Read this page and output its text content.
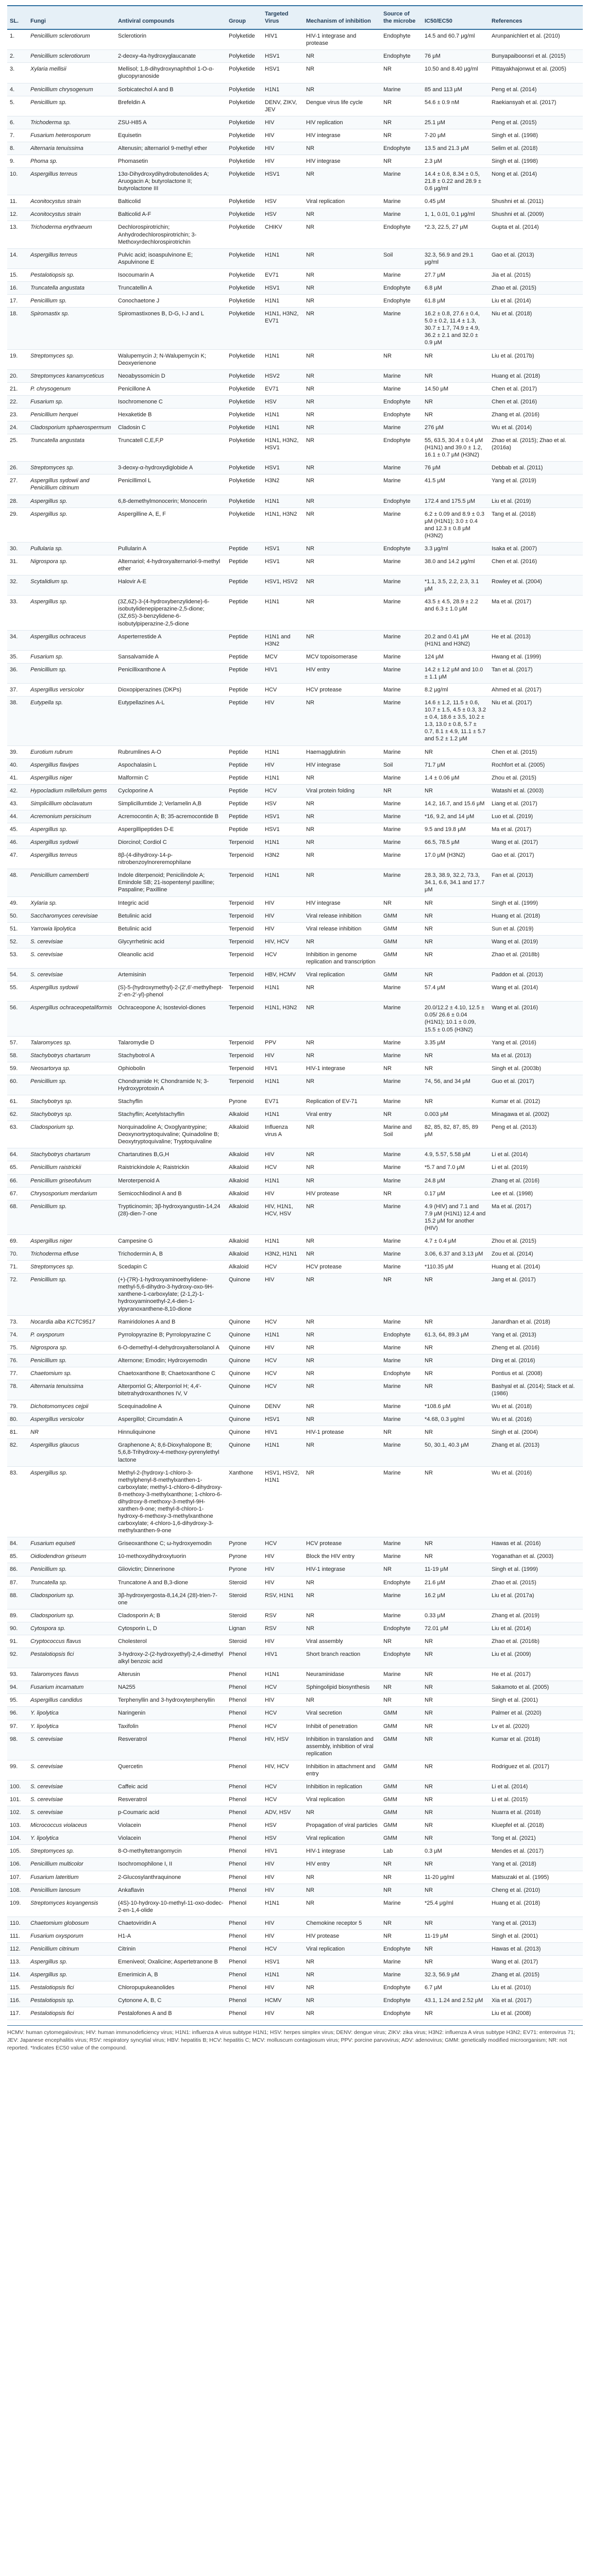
SL.	Fungi	Antiviral compounds	Group	Targeted Virus	Mechanism of inhibition	Source of the microbe	IC50/EC50	References
1.	Penicillium sclerotiorum	Sclerotiorin	Polyketide	HIV1	HIV-1 integrase and protease	Endophyte	14.5 and 60.7 μg/ml	Arunpanichlert et al. (2010)
2.	Penicillium sclerotiorum	2-deoxy-4a-hydroxyglaucanate	Polyketide	HSV1	NR	Endophyte	76 μM	Bunyapaiboonsri et al. (2015)
3.	Xylaria mellisii	Mellisol; 1,8-dihydroxynaphthol 1-O-α-glucopyranoside	Polyketide	HSV1	NR	NR	10.50 and 8.40 μg/ml	Pittayakhajonwut et al. (2005)
4.	Penicillium chrysogenum	Sorbicatechol A and B	Polyketide	H1N1	NR	Marine	85 and 113 μM	Peng et al. (2014)
5.	Penicillium sp.	Brefeldin A	Polyketide	DENV, ZIKV, JEV	Dengue virus life cycle	NR	54.6 ± 0.9 nM	Raekiansyah et al. (2017)
6.	Trichoderma sp.	ZSU-H85 A	Polyketide	HIV	HIV replication	NR	25.1 μM	Peng et al. (2015)
7.	Fusarium heterosporum	Equisetin	Polyketide	HIV	HIV integrase	NR	7-20 μM	Singh et al. (1998)
8.	Alternaria tenuissima	Altenusin; alternariol 9-methyl ether	Polyketide	HIV	NR	Endophyte	13.5 and 21.3 μM	Selim et al. (2018)
9.	Phoma sp.	Phomasetin	Polyketide	HIV	HIV integrase	NR	2.3 μM	Singh et al. (1998)
10.	Aspergillus terreus	13α-Dihydroxydihydrobutenolides A; Aruogacin A; butyrolactone II; butyrolactone III	Polyketide	HSV1	NR	Marine	14.4 ± 0.6, 8.34 ± 0.5, 21.8 ± 0.22 and 28.9 ± 0.6 μg/ml	Nong et al. (2014)
11.	Aconitocystus strain	Balticolid	Polyketide	HSV	Viral replication	Marine	0.45 μM	Shushni et al. (2011)
12.	Aconitocystus strain	Balticolid A-F	Polyketide	HSV	NR	Marine	1, 1, 0.01, 0.1 μg/ml	Shushni et al. (2009)
13.	Trichoderma erythraeum	Dechlorospirotrichin; Anhydrodechlorospirotrichin; 3-Methoxyrdechlorospirotrichin	Polyketide	CHIKV	NR	Endophyte	*2.3, 22.5, 27 μM	Gupta et al. (2014)
14.	Aspergillus terreus	Pulvic acid; isoaspulvinone E; Aspulvinone E	Polyketide	H1N1	NR	Soil	32.3, 56.9 and 29.1 μg/ml	Gao et al. (2013)
15.	Pestalotiopsis sp.	Isocoumarin A	Polyketide	EV71	NR	Marine	27.7 μM	Jia et al. (2015)
16.	Truncatella angustata	Truncatellin A	Polyketide	HSV1	NR	Endophyte	6.8 μM	Zhao et al. (2015)
17.	Penicillium sp.	Conochaetone J	Polyketide	H1N1	NR	Endophyte	61.8 μM	Liu et al. (2014)
18.	Spiromastix sp.	Spiromastixones B, D-G, I-J and L	Polyketide	H1N1, H3N2, EV71	NR	Marine	16.2 ± 0.8, 27.6 ± 0.4, 5.0 ± 0.2, 11.4 ± 1.3, 30.7 ± 1.7, 74.9 ± 4.9, 36.2 ± 2.1 and 32.0 ± 0.9 μM	Niu et al. (2018)
19.	Streptomyces sp.	Walupemycin J; N-Walupemycin K; Deoxyerienone	Polyketide	H1N1	NR	NR	NR	Liu et al. (2017b)
20.	Streptomyces kanamyceticus	Neoabyssomicin D	Polyketide	HSV2	NR	Marine	NR	Huang et al. (2018)
21.	P. chrysogenum	Penicillone A	Polyketide	EV71	NR	Marine	14.50 μM	Chen et al. (2017)
22.	Fusarium sp.	Isochromenone C	Polyketide	HSV	NR	Endophyte	NR	Chen et al. (2016)
23.	Penicillium herquei	Hexaketide B	Polyketide	H1N1	NR	Endophyte	NR	Zhang et al. (2016)
24.	Cladosporium sphaerospermum	Cladosin C	Polyketide	H1N1	NR	Marine	276 μM	Wu et al. (2014)
25.	Truncatella angustata	Truncatell C,E,F,P	Polyketide	H1N1, H3N2, HSV1	NR	Endophyte	55, 63.5, 30.4 ± 0.4 μM (H1N1) and 39.0 ± 1.2, 16.1 ± 0.7 μM (H3N2)	Zhao et al. (2015); Zhao et al. (2016a)
26.	Streptomyces sp.	3-deoxy-α-hydroxydiglobide A	Polyketide	HSV1	NR	Marine	76 μM	Debbab et al. (2011)
27.	Aspergillus sydowii and Penicillium citrinum	Penicillimol L	Polyketide	H3N2	NR	Marine	41.5 μM	Yang et al. (2019)
28.	Aspergillus sp.	6,8-demethylmonocerin; Monocerin	Polyketide	H1N1	NR	Endophyte	172.4 and 175.5 μM	Liu et al. (2019)
29.	Aspergillus sp.	Aspergilline A, E, F	Polyketide	H1N1, H3N2	NR	Marine	6.2 ± 0.09 and 8.9 ± 0.3 μM (H1N1); 3.0 ± 0.4 and 12.3 ± 0.8 μM (H3N2)	Tang et al. (2018)
30.	Pullularia sp.	Pullularin A	Peptide	HSV1	NR	Endophyte	3.3 μg/ml	Isaka et al. (2007)
31.	Nigrospora sp.	Alternariol; 4-hydroxyalternariol-9-methyl ether	Peptide	HSV1	NR	Marine	38.0 and 14.2 μg/ml	Chen et al. (2016)
32.	Scytalidium sp.	Halovir A-E	Peptide	HSV1, HSV2	NR	Marine	*1.1, 3.5, 2.2, 2.3, 3.1 μM	Rowley et al. (2004)
33.	Aspergillus sp.	(3Z,6Z)-3-(4-hydroxybenzylidene)-6-isobutylidenepiperazine-2,5-dione; (3Z,6S)-3-benzylidene-6-isobutylpiperazine-2,5-dione	Peptide	H1N1	NR	Marine	43.5 ± 4.5, 28.9 ± 2.2 and 6.3 ± 1.0 μM	Ma et al. (2017)
34.	Aspergillus ochraceus	Asperterrestide A	Peptide	H1N1 and H3N2	NR	Marine	20.2 and 0.41 μM (H1N1 and H3N2)	He et al. (2013)
35.	Fusarium sp.	Sansalvamide A	Peptide	MCV	MCV topoisomerase	Marine	124 μM	Hwang et al. (1999)
36.	Penicillium sp.	Penicillixanthone A	Peptide	HIV1	HIV entry	Marine	14.2 ± 1.2 μM and 10.0 ± 1.1 μM	Tan et al. (2017)
37.	Aspergillus versicolor	Dioxopiperazines (DKPs)	Peptide	HCV	HCV protease	Marine	8.2 μg/ml	Ahmed et al. (2017)
38.	Eutypella sp.	Eutypellazines A-L	Peptide	HIV	NR	Marine	14.6 ± 1.2, 11.5 ± 0.6, 10.7 ± 1.5, 4.5 ± 0.3, 3.2 ± 0.4, 18.6 ± 3.5, 10.2 ± 1.3, 13.0 ± 0.8, 5.7 ± 0.7, 8.1 ± 4.9, 11.1 ± 5.7 and 5.2 ± 1.2 μM	Niu et al. (2017)
39.	Eurotium rubrum	Rubrumlines A-O	Peptide	H1N1	Haemagglutinin	Marine	NR	Chen et al. (2015)
40.	Aspergillus flavipes	Aspochalasin L	Peptide	HIV	HIV integrase	Soil	71.7 μM	Rochfort et al. (2005)
41.	Aspergillus niger	Malformin C	Peptide	H1N1	NR	Marine	1.4 ± 0.06 μM	Zhou et al. (2015)
42.	Hypocladium millefolium gems	Cycloporine A	Peptide	HCV	Viral protein folding	NR	NR	Watashi et al. (2003)
43.	Simplicillium obclavatum	Simplicillumtide J; Verlamelin A,B	Peptide	HSV	NR	Marine	14.2, 16.7, and 15.6 μM	Liang et al. (2017)
44.	Acremonium persicinum	Acremocontin A; B; 35-acremocontide B	Peptide	HSV1	NR	Marine	*16, 9.2, and 14 μM	Luo et al. (2019)
45.	Aspergillus sp.	Aspergillipeptides D-E	Peptide	HSV1	NR	Marine	9.5 and 19.8 μM	Ma et al. (2017)
46.	Aspergillus sydowii	Diorcinol; Cordiol C	Terpenoid	H1N1	NR	Marine	66.5, 78.5 μM	Wang et al. (2017)
47.	Aspergillus terreus	8β-(4-dihydroxy-14-p-nitrobenzoylnoreremophilane	Terpenoid	H3N2	NR	Marine	17.0 μM (H3N2)	Gao et al. (2017)
48.	Penicillium camemberti	Indole diterpenoid; Penicilindole A; Emindole SB; 21-isopentenyl paxilline; Paspaline; Paxilline	Terpenoid	H1N1	NR	Marine	28.3, 38.9, 32.2, 73.3, 34.1, 6.6, 34.1 and 17.7 μM	Fan et al. (2013)
49.	Xylaria sp.	Integric acid	Terpenoid	HIV	HIV integrase	NR	NR	Singh et al. (1999)
50.	Saccharomyces cerevisiae	Betulinic acid	Terpenoid	HIV	Viral release inhibition	GMM	NR	Huang et al. (2018)
51.	Yarrowia lipolytica	Betulinic acid	Terpenoid	HIV	Viral release inhibition	GMM	NR	Sun et al. (2019)
52.	S. cerevisiae	Glycyrrhetinic acid	Terpenoid	HIV, HCV	NR	GMM	NR	Wang et al. (2019)
53.	S. cerevisiae	Oleanolic acid	Terpenoid	HCV	Inhibition in genome replication and transcription	GMM	NR	Zhao et al. (2018b)
54.	S. cerevisiae	Artemisinin	Terpenoid	HBV, HCMV	Viral replication	GMM	NR	Paddon et al. (2013)
55.	Aspergillus sydowii	(S)-5-(hydroxymethyl)-2-(2′,6′-methylhept-2′-en-2′-yl)-phenol	Terpenoid	H1N1	NR	Marine	57.4 μM	Wang et al. (2014)
56.	Aspergillus ochraceopetaliformis	Ochraceopone A; Isosteviol-diones	Terpenoid	H1N1, H3N2	NR	Marine	20.0/12.2 ± 4.10, 12.5 ± 0.05/ 26.6 ± 0.04 (H1N1); 10.1 ± 0.09, 15.5 ± 0.05 (H3N2)	Wang et al. (2016)
57.	Talaromyces sp.	Talaromydie D	Terpenoid	PPV	NR	Marine	3.35 μM	Yang et al. (2016)
58.	Stachybotrys chartarum	Stachybotrol A	Terpenoid	HIV	NR	Marine	NR	Ma et al. (2013)
59.	Neosartorya sp.	Ophiobolin	Terpenoid	HIV1	HIV-1 integrase	NR	NR	Singh et al. (2003b)
60.	Penicillium sp.	Chondramide H; Chondramide N; 3-Hydroxyprotoxin A	Terpenoid	H1N1	NR	Marine	74, 56, and 34 μM	Guo et al. (2017)
61.	Stachybotrys sp.	Stachyflin	Pyrone	EV71	Replication of EV-71	Marine	NR	Kumar et al. (2012)
62.	Stachybotrys sp.	Stachyflin; Acetylstachyflin	Alkaloid	H1N1	Viral entry	NR	0.003 μM	Minagawa et al. (2002)
63.	Cladosporium sp.	Norquinadoline A; Oxoglyantrypine; Deoxynortryptoquivaline; Quinadoline B; Deoxytryptoquivaline; Tryptoquivaline	Alkaloid	Influenza virus A	NR	Marine and Soil	82, 85, 82, 87, 85, 89 μM	Peng et al. (2013)
64.	Stachybotrys chartarum	Chartarutines B,G,H	Alkaloid	HIV	NR	Marine	4.9, 5.57, 5.58 μM	Li et al. (2014)
65.	Penicillium raistrickii	Raistrickindole A; Raistrickin	Alkaloid	HCV	NR	Marine	*5.7 and 7.0 μM	Li et al. (2019)
66.	Penicillium griseofulvum	Meroterpenoid A	Alkaloid	H1N1	NR	Marine	24.8 μM	Zhang et al. (2016)
67.	Chrysosporium merdarium	Semicochliodinol A and B	Alkaloid	HIV	HIV protease	NR	0.17 μM	Lee et al. (1998)
68.	Penicillium sp.	Trypticinomin; 3β-hydroxyangustin-14,24 (28)-dien-7-one	Alkaloid	HIV, H1N1, HCV, HSV	NR	Marine	4.9 (HIV) and 7.1 and 7.9 μM (H1N1) 12.4 and 15.2 μM for another (HIV)	Ma et al. (2017)
69.	Aspergillus niger	Campesine G	Alkaloid	H1N1	NR	Marine	4.7 ± 0.4 μM	Zhou et al. (2015)
70.	Trichoderma effuse	Trichodermin A, B	Alkaloid	H3N2, H1N1	NR	Marine	3.06, 6.37 and 3.13 μM	Zou et al. (2014)
71.	Streptomyces sp.	Scedapin C	Alkaloid	HCV	HCV protease	Marine	*110.35 μM	Huang et al. (2014)
72.	Penicillium sp.	(+)-(7R)-1-hydroxyaminoethylidene-methyl-5,6-dihydro-3-hydroxy-oxo-9H-xanthene-1-carboxylate; (2-1,2)-1-hydroxyaminoethyl-2,4-dien-1-ylpyranoxanthene-8,10-dione	Quinone	HIV	NR	NR	NR	Jang et al. (2017)
73.	Nocardia alba KCTC9517	Ramiridolones A and B	Quinone	HCV	NR	Marine	NR	Janardhan et al. (2018)
74.	P. oxysporum	Pyrrolopyrazine B; Pyrrolopyrazine C	Quinone	H1N1	NR	Endophyte	61.3, 64, 89.3 μM	Yang et al. (2013)
75.	Nigrospora sp.	6-O-demethyl-4-dehydroxyaltersolanol A	Quinone	HIV	NR	Marine	NR	Zheng et al. (2016)
76.	Penicillium sp.	Alternone; Emodin; Hydroxyemodin	Quinone	HCV	NR	Marine	NR	Ding et al. (2016)
77.	Chaetomium sp.	Chaetoxanthone B; Chaetoxanthone C	Quinone	HCV	NR	Endophyte	NR	Pontius et al. (2008)
78.	Alternaria tenuissima	Alterporriol G; Alterporriol H; 4,4′-bitetrahydroxanthones IV, V	Quinone	HCV	NR	Marine	NR	Bashyal et al. (2014); Stack et al. (1986)
79.	Dichotomomyces cejpii	Scequinadoline A	Quinone	DENV	NR	Marine	*108.6 μM	Wu et al. (2018)
80.	Aspergillus versicolor	Aspergillol; Circumdatin A	Quinone	HSV1	NR	Marine	*4.68, 0.3 μg/ml	Wu et al. (2016)
81.	NR	Hinnuliquinone	Quinone	HIV1	HIV-1 protease	NR	NR	Singh et al. (2004)
82.	Aspergillus glaucus	Graphenone A; 8,6-Dioxyhalopone B; 5,6,8-Trihydroxy-4-methoxy-pyrenylethyl lactone	Quinone	H1N1	NR	Marine	50, 30.1, 40.3 μM	Zhang et al. (2013)
83.	Aspergillus sp.	Methyl-2-(hydroxy-1-chloro-3-methylphenyl-8-methylxanthen-1-carboxylate; methyl-1-chloro-6-dihydroxy-8-methoxy-3-methylxanthone; 1-chloro-6-dihydroxy-8-methoxy-3-methyl-9H-xanthen-9-one; methyl-8-chloro-1-hydroxy-6-methoxy-3-methylxanthone carboxylate; 4-chloro-1,6-dihydroxy-3-methylxanthen-9-one	Xanthone	HSV1, HSV2, H1N1	NR	Marine	NR	Wu et al. (2016)
84.	Fusarium equiseti	Griseoxanthone C; ω-hydroxyemodin	Pyrone	HCV	HCV protease	Marine	NR	Hawas et al. (2016)
85.	Oidiodendron griseum	10-methoxydihydroxytuorin	Pyrone	HIV	Block the HIV entry	Marine	NR	Yoganathan et al. (2003)
86.	Penicillium sp.	Gliovictin; Dinnerinone	Pyrone	HIV	HIV-1 integrase	NR	11-19 μM	Singh et al. (1999)
87.	Truncatella sp.	Truncatone A and B,3-dione	Steroid	HIV	NR	Endophyte	21.6 μM	Zhao et al. (2015)
88.	Cladosporium sp.	3β-hydroxyergosta-8,14,24 (28)-trien-7-one	Steroid	RSV, H1N1	NR	Marine	16.2 μM	Liu et al. (2017a)
89.	Cladosporium sp.	Cladosporin A; B	Steroid	RSV	NR	Marine	0.33 μM	Zhang et al. (2019)
90.	Cytospora sp.	Cytosporin L, D	Lignan	RSV	NR	Endophyte	72.01 μM	Liu et al. (2014)
91.	Cryptococcus flavus	Cholesterol	Steroid	HIV	Viral assembly	NR	NR	Zhao et al. (2016b)
92.	Pestalotiopsis fici	3-hydroxy-2-(2-hydroxyethyl)-2,4-dimethyl alkyl benzoic acid	Phenol	HIV1	Short branch reaction	Endophyte	NR	Liu et al. (2009)
93.	Talaromyces flavus	Alterusin	Phenol	H1N1	Neuraminidase	Marine	NR	He et al. (2017)
94.	Fusarium incarnatum	NA255	Phenol	HCV	Sphingolipid biosynthesis	NR	NR	Sakamoto et al. (2005)
95.	Aspergillus candidus	Terphenyllin and 3-hydroxyterphenyllin	Phenol	HIV	NR	NR	NR	Singh et al. (2001)
96.	Y. lipolytica	Naringenin	Phenol	HCV	Viral secretion	GMM	NR	Palmer et al. (2020)
97.	Y. lipolytica	Taxifolin	Phenol	HCV	Inhibit of penetration	GMM	NR	Lv et al. (2020)
98.	S. cerevisiae	Resveratrol	Phenol	HIV, HSV	Inhibition in translation and assembly, inhibition of viral replication	GMM	NR	Kumar et al. (2018)
99.	S. cerevisiae	Quercetin	Phenol	HIV, HCV	Inhibition in attachment and entry	GMM	NR	Rodriguez et al. (2017)
100.	S. cerevisiae	Caffeic acid	Phenol	HCV	Inhibition in replication	GMM	NR	Li et al. (2014)
101.	S. cerevisiae	Resveratrol	Phenol	HCV	Viral replication	GMM	NR	Li et al. (2015)
102.	S. cerevisiae	p-Coumaric acid	Phenol	ADV, HSV	NR	GMM	NR	Nuarra et al. (2018)
103.	Micrococcus violaceus	Violacein	Phenol	HSV	Propagation of viral particles	GMM	NR	Kluepfel et al. (2018)
104.	Y. lipolytica	Violacein	Phenol	HSV	Viral replication	GMM	NR	Tong et al. (2021)
105.	Streptomyces sp.	8-O-methyltetrangomycin	Phenol	HIV1	HIV-1 integrase	Lab	0.3 μM	Mendes et al. (2017)
106.	Penicillium multicolor	Isochromophilone I, II	Phenol	HIV	HIV entry	NR	NR	Yang et al. (2018)
107.	Fusarium lateritium	2-Glucosylanthraquinone	Phenol	HIV	NR	NR	11-20 μg/ml	Matsuzaki et al. (1995)
108.	Penicillium lanosum	Ankaflavin	Phenol	HIV	NR	NR	NR	Cheng et al. (2010)
109.	Streptomyces koyangensis	(4S)-10-hydroxy-10-methyl-11-oxo-dodec-2-en-1,4-olide	Phenol	H1N1	NR	Marine	*25.4 μg/ml	Huang et al. (2018)
110.	Chaetomium globosum	Chaetoviridin A	Phenol	HIV	Chemokine receptor 5	NR	NR	Yang et al. (2013)
111.	Fusarium oxysporum	H1-A	Phenol	HIV	HIV protease	NR	11-19 μM	Singh et al. (2001)
112.	Penicillium citrinum	Citrinin	Phenol	HCV	Viral replication	Endophyte	NR	Hawas et al. (2013)
113.	Aspergillus sp.	Emeniveol; Oxalicine; Aspertetranone B	Phenol	HSV1	NR	Marine	NR	Wang et al. (2017)
114.	Aspergillus sp.	Emerimicin A, B	Phenol	H1N1	NR	Marine	32.3, 56.9 μM	Zhang et al. (2015)
115.	Pestalotiopsis fici	Chloropupukeanolides	Phenol	HIV	NR	Endophyte	6.7 μM	Liu et al. (2010)
116.	Pestalotiopsis sp.	Cytonone A, B, C	Phenol	HCMV	NR	Endophyte	43.1, 1.24 and 2.52 μM	Xia et al. (2017)
117.	Pestalotiopsis fici	Pestalofones A and B	Phenol	HIV	NR	Endophyte	NR	Liu et al. (2008)
HCMV: human cytomegalovirus; HIV: human immunodeficiency virus; H1N1: influenza A virus subtype H1N1; HSV: herpes simplex virus; DENV: dengue virus; ZIKV: zika virus; H3N2: influenza A virus subtype H3N2; EV71: enterovirus 71; JEV: Japanese encephalitis virus; RSV: respiratory syncytial virus; HBV: hepatitis B; HCV: hepatitis C; MCV: molluscum contagiosum virus; PPV: porcine parvovirus; ADV: adenovirus; GMM: genetically modified microorganism; NR: not reported. *Indicates EC50 value of the compound.
